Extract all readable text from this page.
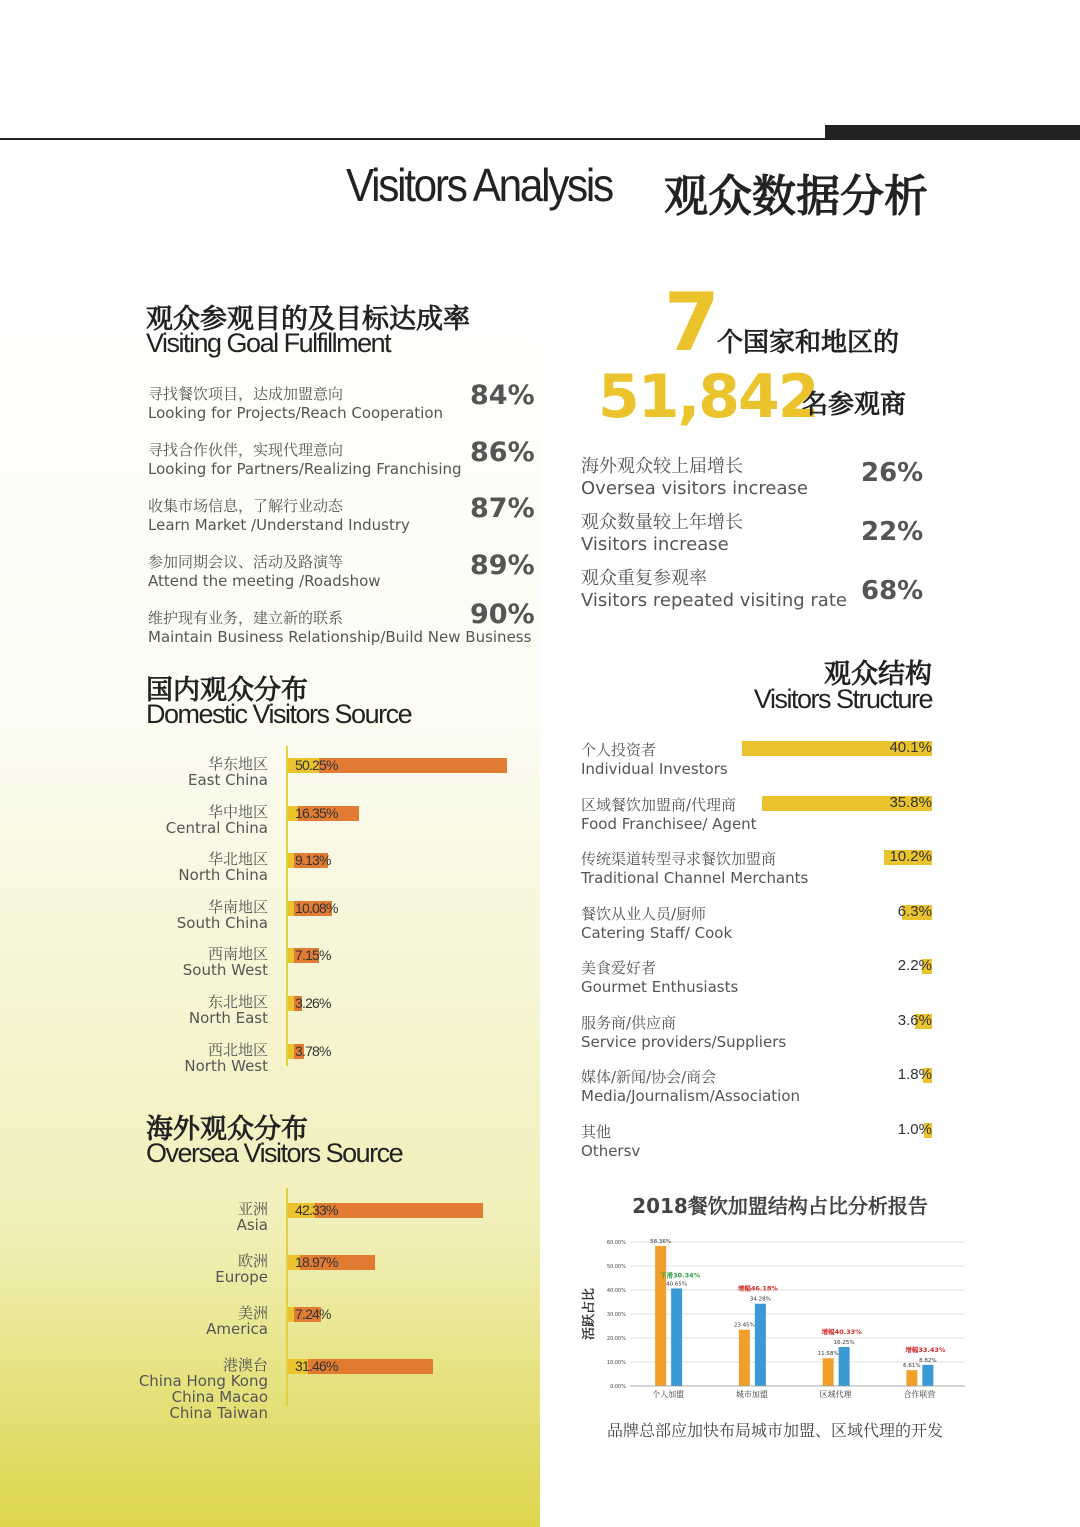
Visitors Analysis 观众数据分析
观众参观目的及目标达成率
Visiting Goal Fulfillment
寻找餐饮项目，达成加盟意向
Looking for Projects/Reach Cooperation
84%
寻找合作伙伴，实现代理意向
Looking for Partners/Realizing Franchising
86%
收集市场信息，了解行业动态
Learn Market /Understand Industry
87%
参加同期会议、活动及路演等
Attend the meeting /Roadshow	89%
维护现有业务，建立新的联系
Maintain Business Relationship/Build New Business
90%
国内观众分布
Domestic Visitors Source
华东地区
East China
50.25%
华中地区
Central China
16.35%
华北地区
North China
9.13%
华南地区
South China
10.08%
西南地区
South West
7.15%
东北地区
North East
3.26%
西北地区
North West
3.78%
海外观众分布
Oversea Visitors Source
亚洲
Asia
42.33%
欧洲
Europe
18.97%
美洲
America
7.24%
港澳台
China Hong Kong
China Macao
China Taiwan
31.46%
7
个国家和地区的
51,842
名参观商
海外观众较上届增长
Oversea visitors increase
26%
观众数量较上年增长
Visitors increase	22%
观众重复参观率
Visitors repeated visiting rate 68%
观众结构
Visitors Structure
个人投资者
Individual Investors
40.1%
区域餐饮加盟商/代理商
Food Franchisee/ Agent
35.8%
传统渠道转型寻求餐饮加盟商
Traditional Channel Merchants
10.2%
餐饮从业人员/厨师
Catering Staff/ Cook
6.3%
美食爱好者
Gourmet Enthusiasts
2.2%
服务商/供应商
Service providers/Suppliers
3.6%
媒体/新闻/协会/商会
Media/Journalism/Association
1.8%
其他
Othersv
1.0%
2018餐饮加盟结构占比分析报告
0.00%
10.00%
20.00%
30.00%
40.00%
50.00%
60.00%
活跃占比
58.36%
40.65%
下滑30.34%
个人加盟
23.45%
34.28%
增幅46.18%
城市加盟
11.58%
16.25%
增幅40.33%
区域代理
6.61%
8.82%
增幅33.43%
合作联营
品牌总部应加快布局城市加盟、区域代理的开发
